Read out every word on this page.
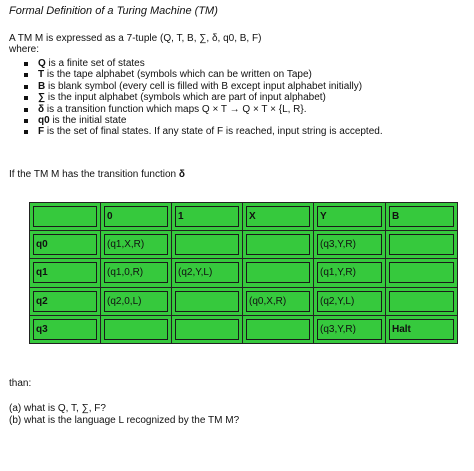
Formal Definition of a Turing Machine (TM)
A TM M is expressed as a 7-tuple (Q, T, B, ∑, δ, q0, B, F)
where:
Q is a finite set of states
T is the tape alphabet (symbols which can be written on Tape)
B is blank symbol (every cell is filled with B except input alphabet initially)
∑ is the input alphabet (symbols which are part of input alphabet)
δ is a transition function which maps Q × T → Q × T × {L, R}.
q0 is the initial state
F is the set of final states. If any state of F is reached, input string is accepted.
If the TM M has the transition function δ

	0	1	X	Y	B

q0	(q1,X,R)			(q3,Y,R)	

q1	(q1,0,R)	(q2,Y,L)		(q1,Y,R)	

q2	(q2,0,L)		(q0,X,R)	(q2,Y,L)	

q3				(q3,Y,R)	Halt
than:
(a) what is Q, T, ∑, F?
(b) what is the language L recognized by the TM M?
